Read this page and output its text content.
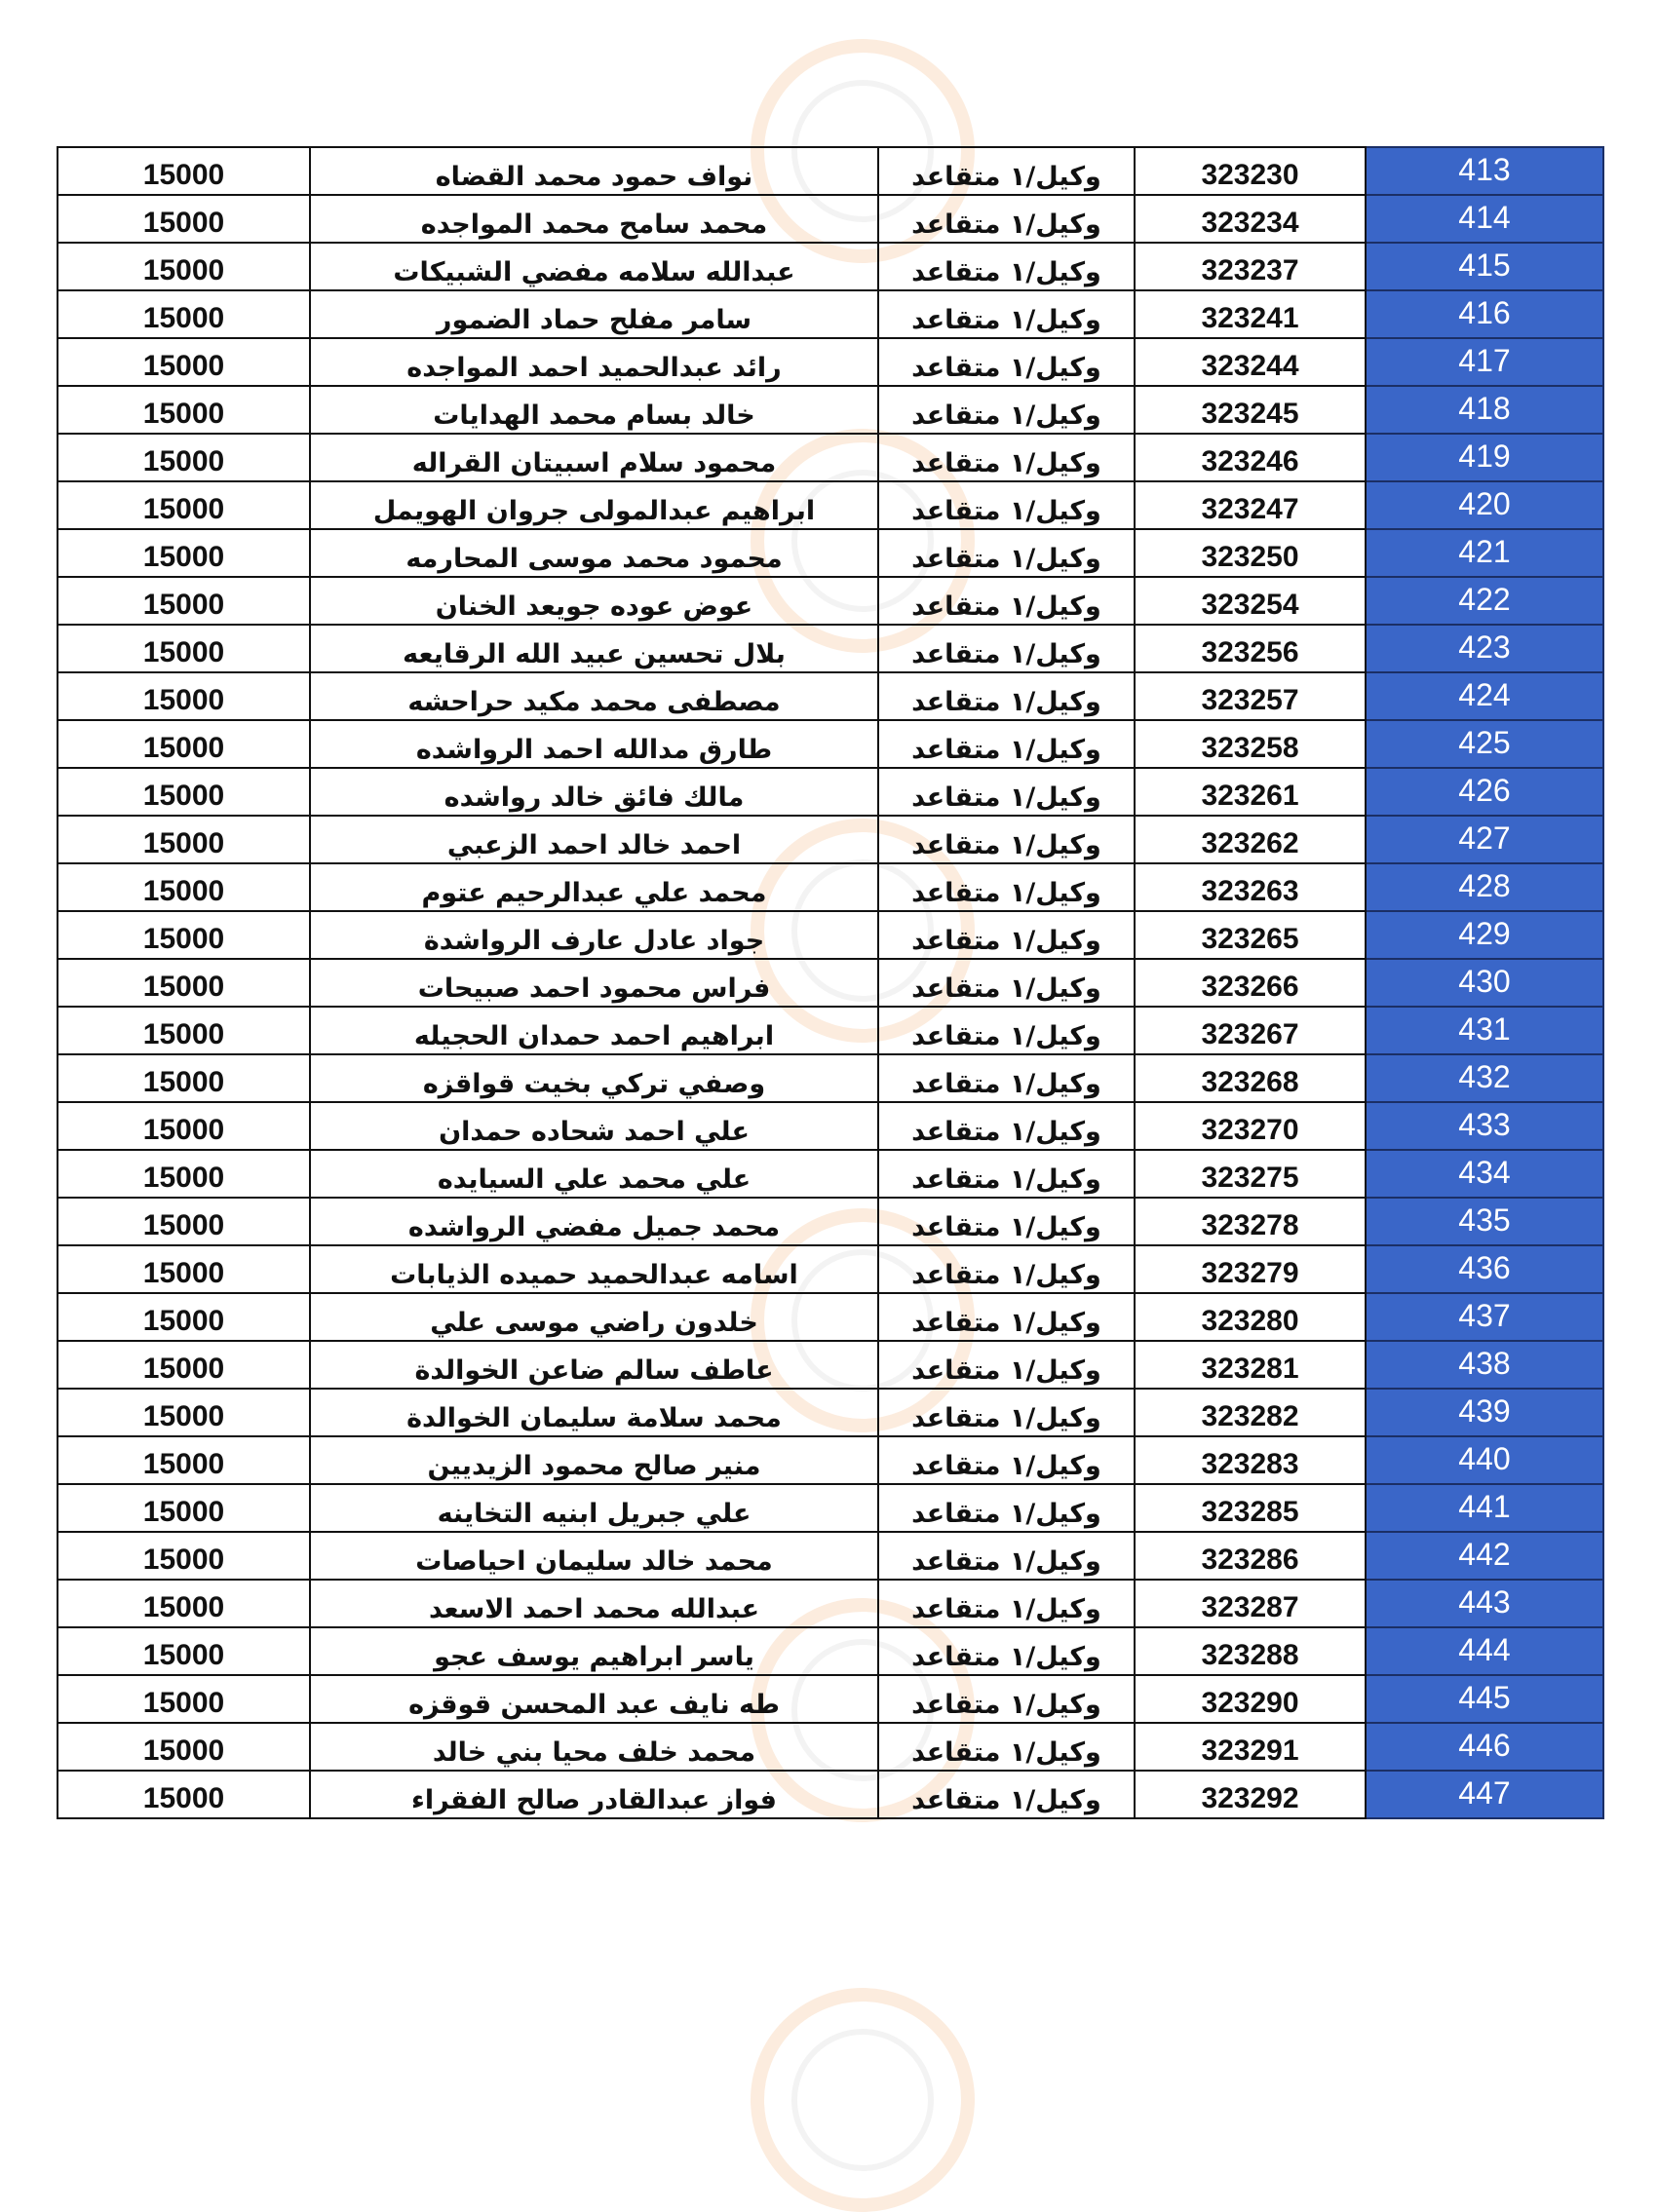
15000	نواف حمود محمد القضاه	وكيل/١ متقاعد	323230	413
15000	محمد سامح محمد المواجده	وكيل/١ متقاعد	323234	414
15000	عبدالله سلامه مفضي الشبيكات	وكيل/١ متقاعد	323237	415
15000	سامر مفلح حماد الضمور	وكيل/١ متقاعد	323241	416
15000	رائد عبدالحميد احمد المواجده	وكيل/١ متقاعد	323244	417
15000	خالد بسام محمد الهدايات	وكيل/١ متقاعد	323245	418
15000	محمود سلام اسبيتان القراله	وكيل/١ متقاعد	323246	419
15000	ابراهيم عبدالمولى جروان الهويمل	وكيل/١ متقاعد	323247	420
15000	محمود محمد موسى المحارمه	وكيل/١ متقاعد	323250	421
15000	عوض عوده جويعد الخنان	وكيل/١ متقاعد	323254	422
15000	بلال تحسين عبيد الله الرقايعه	وكيل/١ متقاعد	323256	423
15000	مصطفى محمد مكيد حراحشه	وكيل/١ متقاعد	323257	424
15000	طارق مدالله احمد الرواشده	وكيل/١ متقاعد	323258	425
15000	مالك فائق خالد رواشده	وكيل/١ متقاعد	323261	426
15000	احمد خالد احمد الزعبي	وكيل/١ متقاعد	323262	427
15000	محمد علي عبدالرحيم عتوم	وكيل/١ متقاعد	323263	428
15000	جواد عادل عارف الرواشدة	وكيل/١ متقاعد	323265	429
15000	فراس محمود احمد صبيحات	وكيل/١ متقاعد	323266	430
15000	ابراهيم احمد حمدان الحجيله	وكيل/١ متقاعد	323267	431
15000	وصفي تركي بخيت قواقزه	وكيل/١ متقاعد	323268	432
15000	علي احمد شحاده حمدان	وكيل/١ متقاعد	323270	433
15000	علي محمد علي السيايده	وكيل/١ متقاعد	323275	434
15000	محمد جميل مفضي الرواشده	وكيل/١ متقاعد	323278	435
15000	اسامه عبدالحميد حميده الذيابات	وكيل/١ متقاعد	323279	436
15000	خلدون راضي موسى علي	وكيل/١ متقاعد	323280	437
15000	عاطف سالم ضاعن الخوالدة	وكيل/١ متقاعد	323281	438
15000	محمد سلامة سليمان الخوالدة	وكيل/١ متقاعد	323282	439
15000	منير صالح محمود الزيديين	وكيل/١ متقاعد	323283	440
15000	علي جبريل ابنيه التخاينه	وكيل/١ متقاعد	323285	441
15000	محمد خالد سليمان احياصات	وكيل/١ متقاعد	323286	442
15000	عبدالله محمد احمد الاسعد	وكيل/١ متقاعد	323287	443
15000	ياسر ابراهيم يوسف عجو	وكيل/١ متقاعد	323288	444
15000	طه نايف عبد المحسن قوقزه	وكيل/١ متقاعد	323290	445
15000	محمد خلف محيا بني خالد	وكيل/١ متقاعد	323291	446
15000	فواز عبدالقادر صالح الفقراء	وكيل/١ متقاعد	323292	447
